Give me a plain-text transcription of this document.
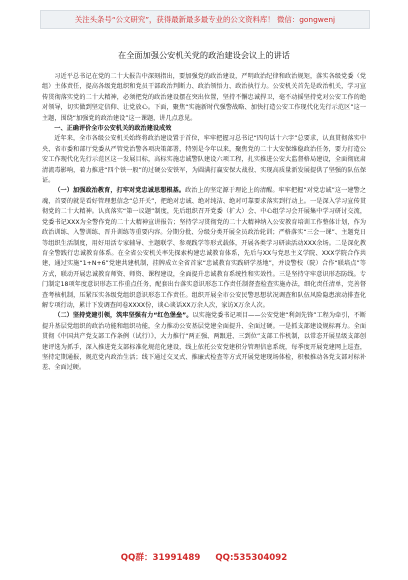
关注头条号“公文研究”，获得最新最多最专业的公文资料库！ 微信：gongwenj
在全面加强公安机关党的政治建设会议上的讲话

习近平总书记在党的二十大报告中深刻指出，要加强党的政治建设，严明政治纪律和政治规矩，落实各级党委（党组）主体责任，提高各级党组织和党员干部政治判断力、政治领悟力、政治执行力。公安机关首先是政治机关，学习宣传贯彻落实党的二十大精神，必须把党的政治建设摆在突出位置，坚持不懈忠诚捍卫，毫不动摇坚持党对公安工作的绝对领导，切实做到坚定信仰、让党放心。下面，聚焦“实施新时代强警战略、加快打造公安工作现代化先行示范区”这一主题，围绕“加强党的政治建设”这一课题，讲几点意见。

一、正确评价全市公安机关的政治建设成效

近年来，全市各级公安机关始终将政治建设置于首位，牢牢把握习总书记“四句话十六字”总要求，认真贯彻落实中央、省市委和部厅党委从严管党治警各项决策部署，特别是今年以来，聚焦党的二十大安保维稳政治任务，要力打造公安工作现代化先行示范区这一发展目标，高标实施忠诚警队建设六项工程，扎实推进公安大监督格局建设，全面彻底肃清流毒影响，着力推进“四个铁一般”的过硬公安铁军，为圆满打赢安保大战役、实现高质量新发展提供了坚强的队伍保证。

（一）加强政治教育，打牢对党忠诚思想根基。政治上的坚定源于理论上的清醒。牢牢把握“对党忠诚”这一建警之魂，首要的就是看好管理想信念“总开关”，把绝对忠诚、绝对纯洁、绝对可靠要求落实到行动上。一是深入学习宣传贯彻党的二十大精神。认真落实“第一议题”制度，先后组织召开党委（扩大）会、中心组学习会开展集中学习研讨交流，党委书记XXX为全警作党的二十大精神宣讲报告；坚持学习贯彻党的二十大精神纳入公安教育培训工作整体计划，作为政治训练、入警训练、晋升训练等重要内容。分期分批、分级分类开展全员政治轮训；严格落实“三会一课”、主题党日等组织生活制度，用好用活专家辅导、主题联学、参观践学等形式载体，开展各类学习研读活动XXX余场。二是深化教育全警践行忠诚教育体系。在全省公安机关率先探索构建忠诚教育体系，先后与XX与党思主义学院、XXX学院合作共建，通过实施“1+N+6”党建共建机制，挂牌成立全省首家“忠诚教育实践研学基地”，并设警校（院）合作“联培点”等方式，联动开展忠诚教育师资、师资、课程建设，全面提升忠诚教育系统性和实效性。三是坚持守牢意识形态防线。专门制定18项年度意识形态工作重点任务，配套出台落实意识形态工作责任制督查检查实施办法，细化责任清单，完善督查考核机制，压紧压实各级党组织意识形态工作责任。组织开展全市公安民警思想状况调查和队伍风险隐患滚动排查化解专项行动，累计下发调查问卷XXXX份，谈心谈话XX万余人次，家访X万余人次。

（二）坚持党建引领，筑牢坚强有力“红色堡垒”。以实施党委书记项目——公安党建“利剑先锋”工程为牵引，不断提升基层党组织的政治功能和组织功能，全力推动公安基层党建全面提升、全面过硬。一是抓支部建设规标再力。全面贯彻《中国共产党支部工作条例（试行）》，大力推行“两正强、两跟进、三到位”支部工作机制，以常态开展星级支部创建评选为抓手，深入推进党支部标准化规范化建设，线上依托公安党建积分管理信息系统，每季度开展党建网上巡查，坚持定期通报，规范党内政治生活；线下通过交叉式、推廉式检查等方式开展党建现场体检，积极推动各党支部对标补差、全面过硬。

QQ群：31991489 QQ:535304092
